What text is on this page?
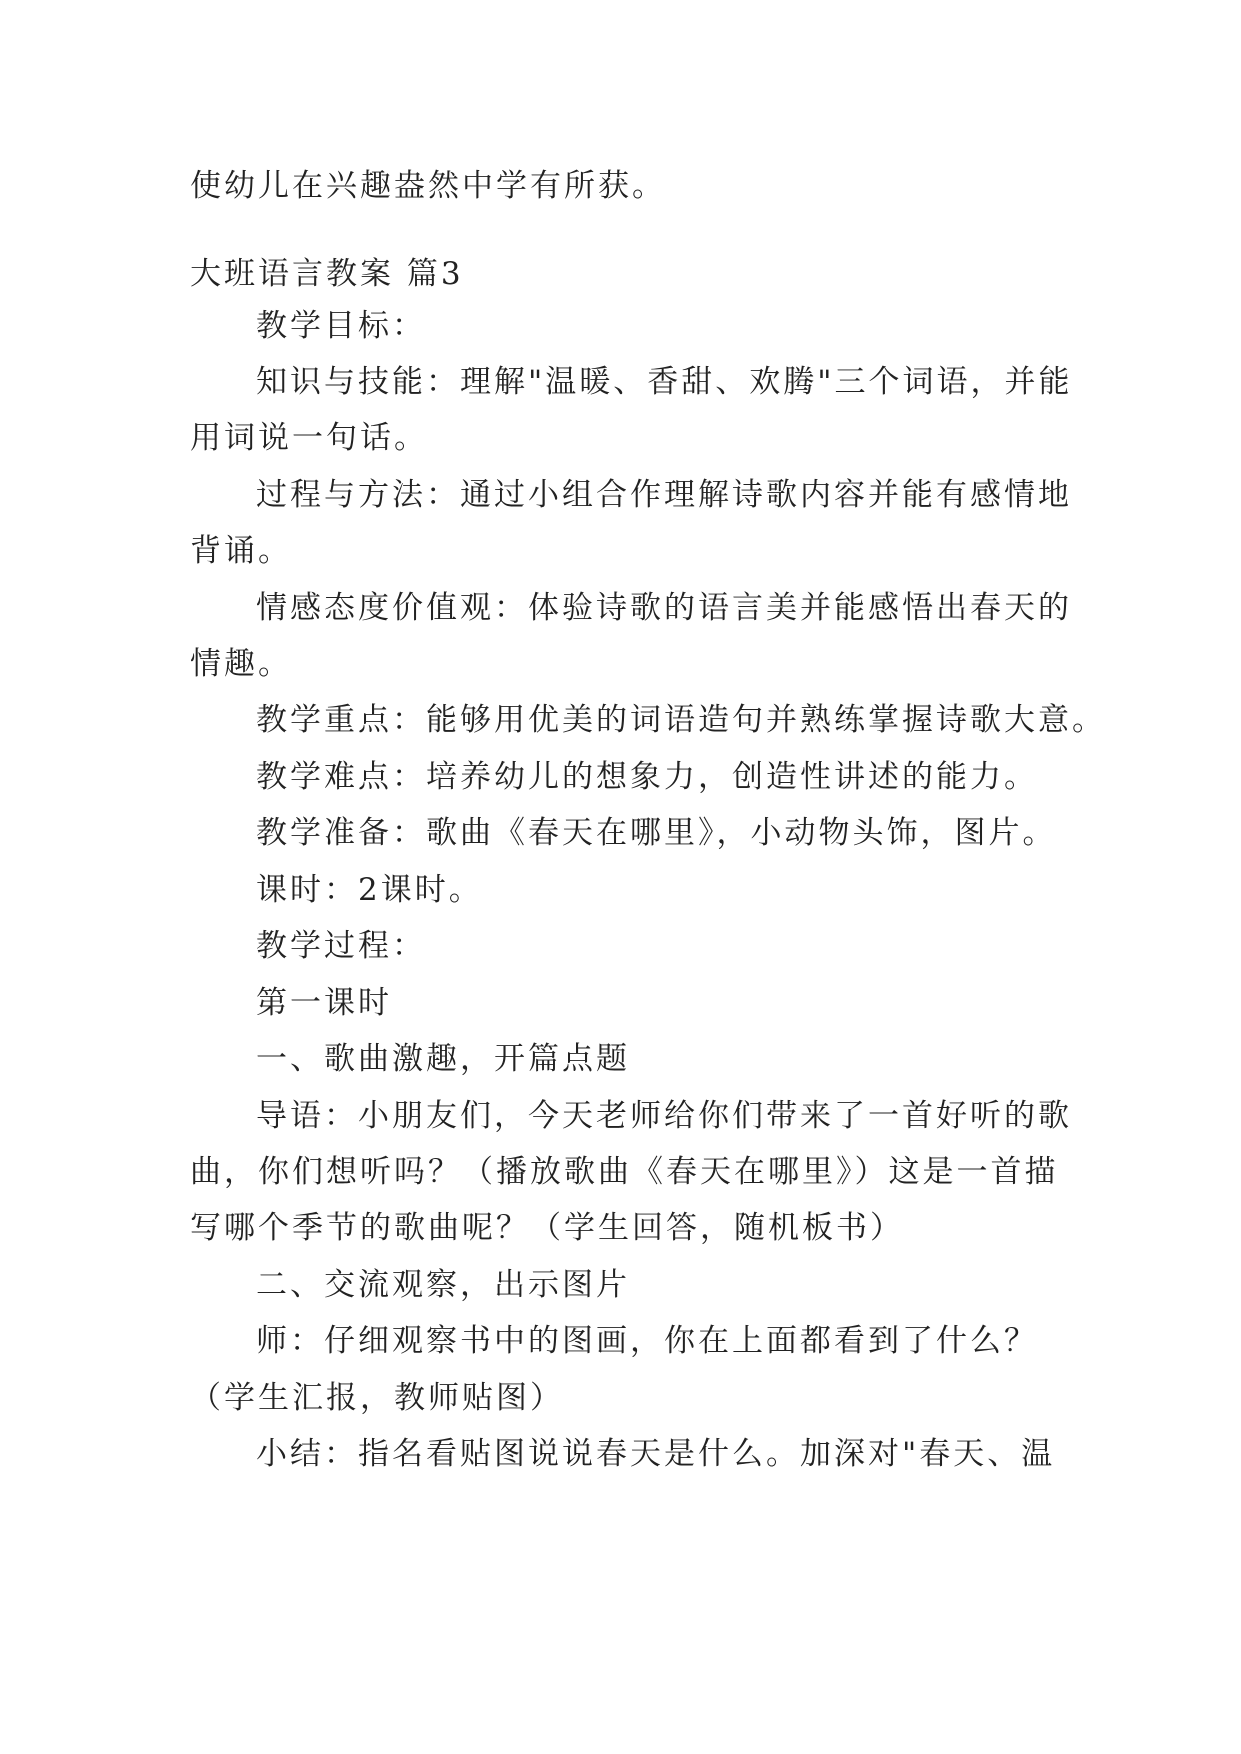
使幼儿在兴趣盎然中学有所获。
大班语言教案 篇3
教学目标：
知识与技能：理解"温暖、香甜、欢腾"三个词语，并能
用词说一句话。
过程与方法：通过小组合作理解诗歌内容并能有感情地
背诵。
情感态度价值观：体验诗歌的语言美并能感悟出春天的
情趣。
教学重点：能够用优美的词语造句并熟练掌握诗歌大意。
教学难点：培养幼儿的想象力，创造性讲述的能力。
教学准备：歌曲《春天在哪里》，小动物头饰，图片。
课时：2课时。
教学过程：
第一课时
一、歌曲激趣，开篇点题
导语：小朋友们，今天老师给你们带来了一首好听的歌
曲，你们想听吗？（播放歌曲《春天在哪里》）这是一首描
写哪个季节的歌曲呢？（学生回答，随机板书）
二、交流观察，出示图片
师：仔细观察书中的图画，你在上面都看到了什么？
（学生汇报，教师贴图）
小结：指名看贴图说说春天是什么。加深对"春天、温
